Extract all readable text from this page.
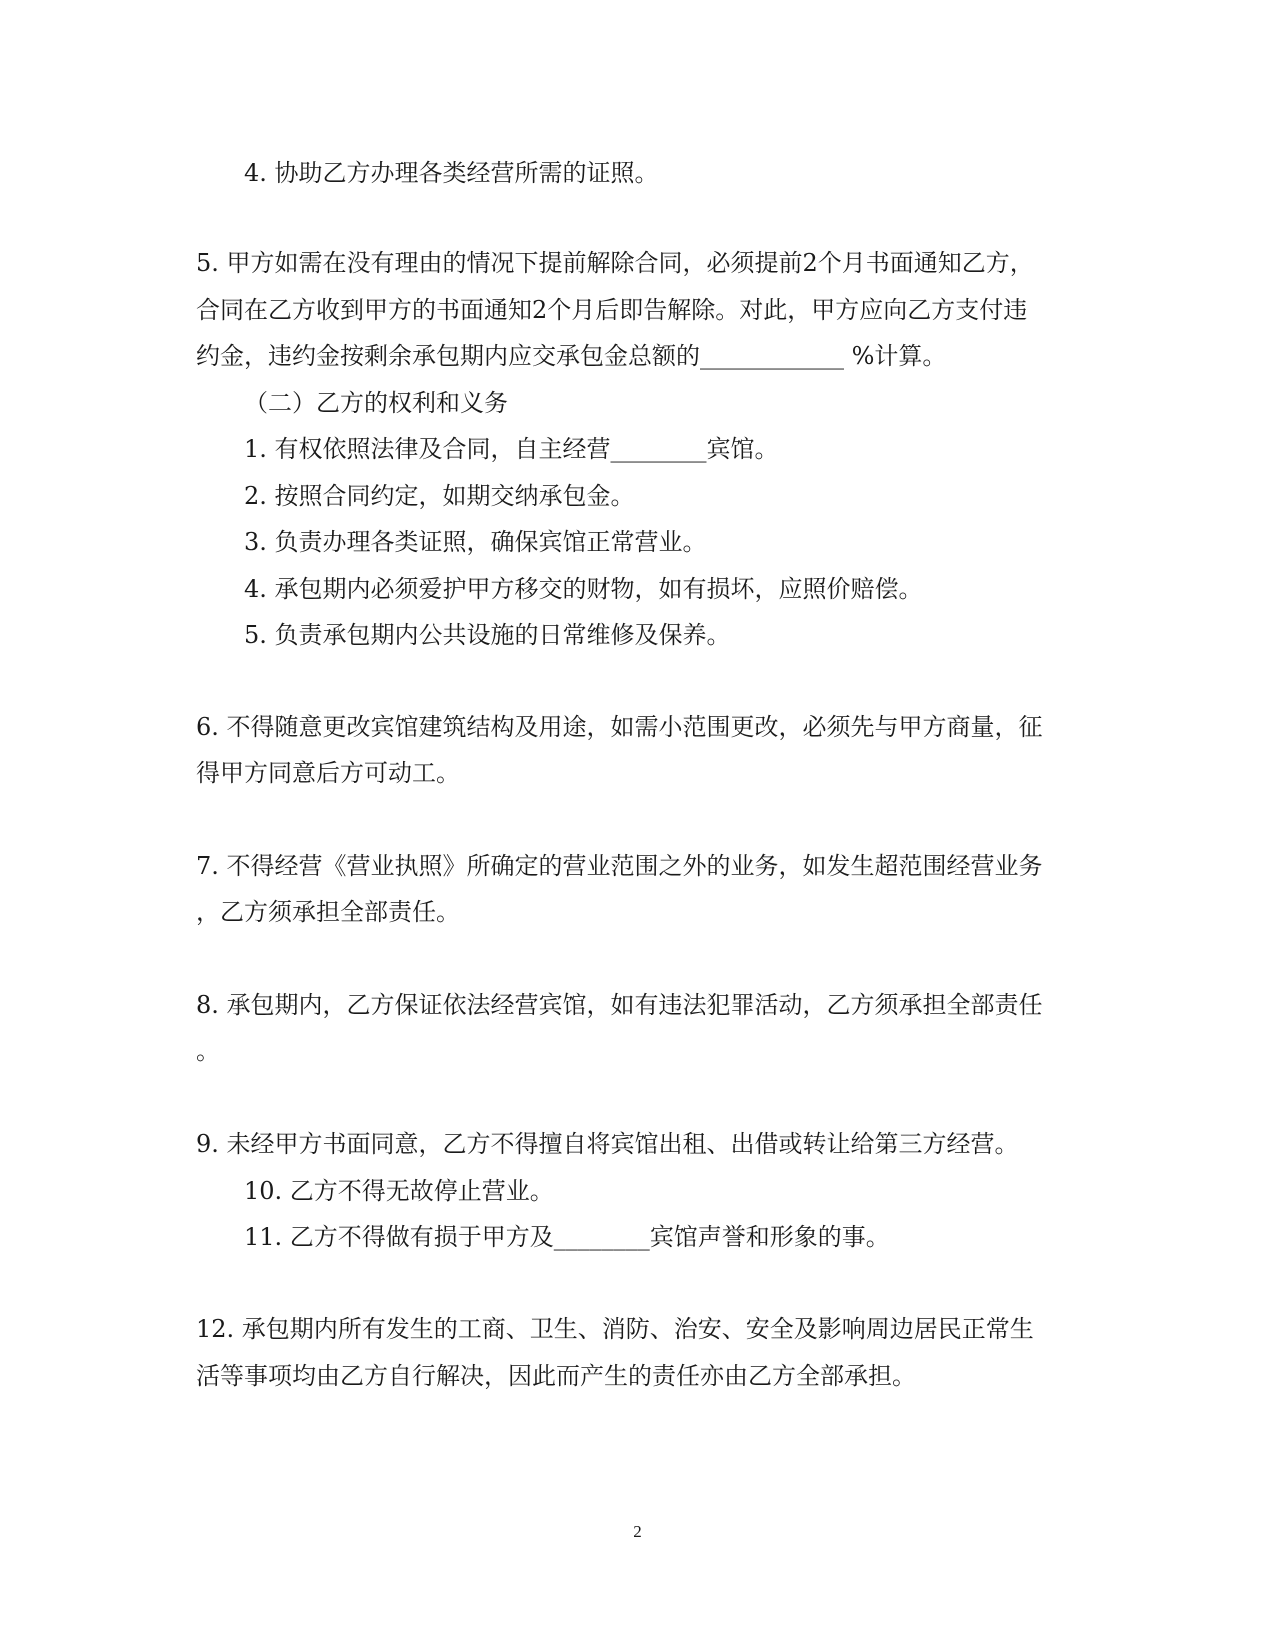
4. 协助乙方办理各类经营所需的证照。
5. 甲方如需在没有理由的情况下提前解除合同，必须提前2个月书面通知乙方，
合同在乙方收到甲方的书面通知2个月后即告解除。对此，甲方应向乙方支付违
约金，违约金按剩余承包期内应交承包金总额的____________ %计算。
（二）乙方的权利和义务
1. 有权依照法律及合同，自主经营________宾馆。
2. 按照合同约定，如期交纳承包金。
3. 负责办理各类证照，确保宾馆正常营业。
4. 承包期内必须爱护甲方移交的财物，如有损坏，应照价赔偿。
5. 负责承包期内公共设施的日常维修及保养。
6. 不得随意更改宾馆建筑结构及用途，如需小范围更改，必须先与甲方商量，征
得甲方同意后方可动工。
7. 不得经营《营业执照》所确定的营业范围之外的业务，如发生超范围经营业务
，乙方须承担全部责任。
8. 承包期内，乙方保证依法经营宾馆，如有违法犯罪活动，乙方须承担全部责任
。
9. 未经甲方书面同意，乙方不得擅自将宾馆出租、出借或转让给第三方经营。
10. 乙方不得无故停止营业。
11. 乙方不得做有损于甲方及________宾馆声誉和形象的事。
12. 承包期内所有发生的工商、卫生、消防、治安、安全及影响周边居民正常生
活等事项均由乙方自行解决，因此而产生的责任亦由乙方全部承担。
2
